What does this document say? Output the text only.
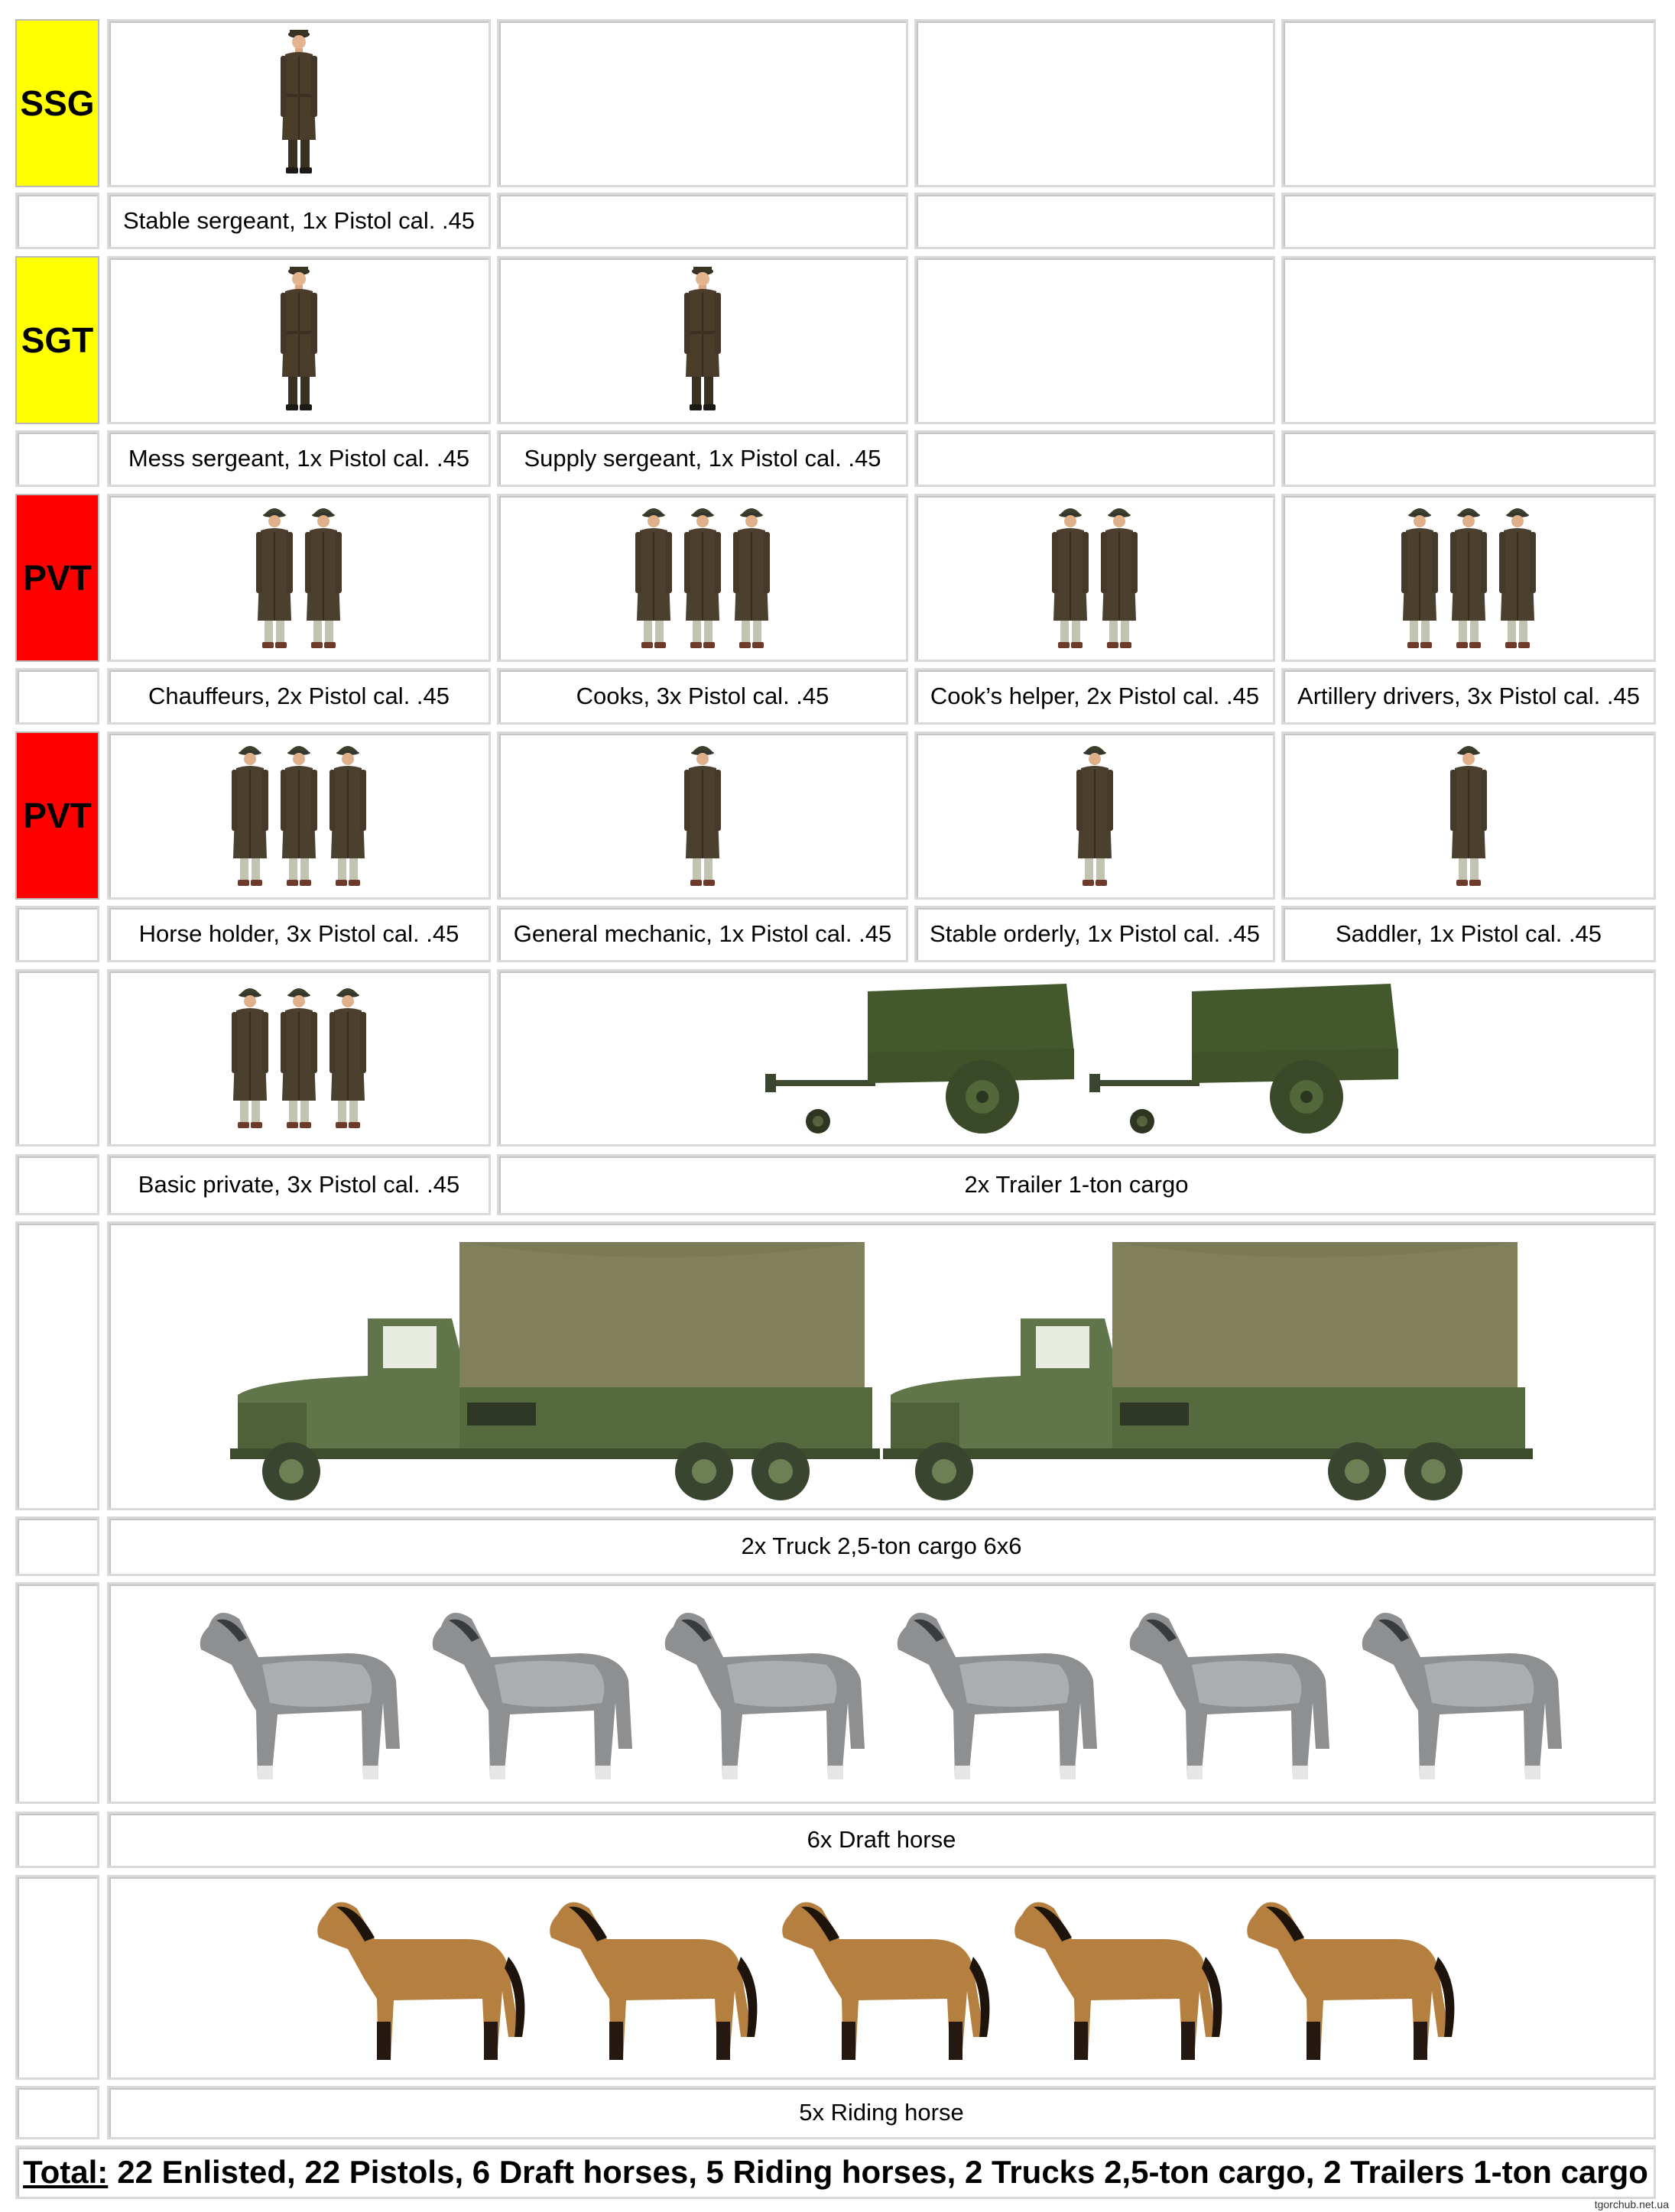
SSG
Stable sergeant, 1x Pistol cal. .45
SGT
Mess sergeant, 1x Pistol cal. .45	Supply sergeant, 1x Pistol cal. .45
PVT
Chauffeurs, 2x Pistol cal. .45	Cooks, 3x Pistol cal. .45	Cook’s helper, 2x Pistol cal. .45	Artillery drivers, 3x Pistol cal. .45
PVT
Horse holder, 3x Pistol cal. .45	General mechanic, 1x Pistol cal. .45	Stable orderly, 1x Pistol cal. .45	Saddler, 1x Pistol cal. .45
Basic private, 3x Pistol cal. .45	2x Trailer 1-ton cargo
2x Truck 2,5-ton cargo 6x6
6x Draft horse
5x Riding horse
Total: 22 Enlisted, 22 Pistols, 6 Draft horses, 5 Riding horses, 2 Trucks 2,5-ton cargo, 2 Trailers 1-ton cargo
tgorchub.net.ua
